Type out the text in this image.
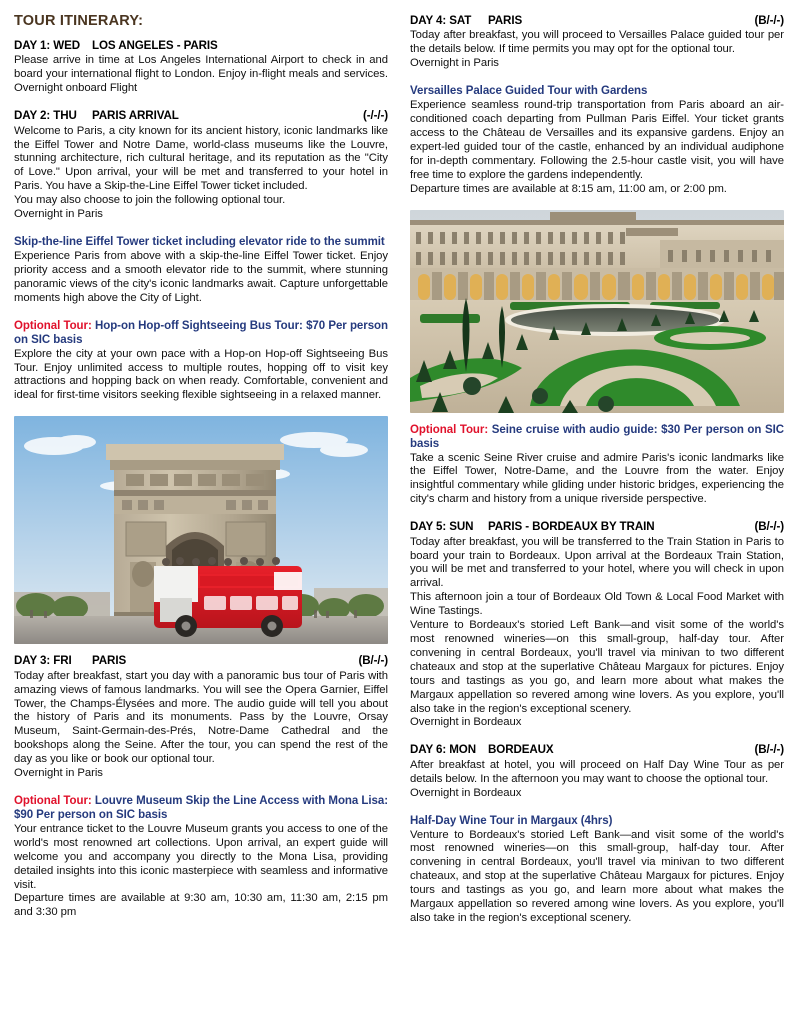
TOUR ITINERARY:
DAY 1: WED	LOS ANGELES - PARIS

Please arrive in time at Los Angeles International Airport to check in and board your international flight to London. Enjoy in-flight meals and services. Overnight onboard Flight

DAY 2: THU	PARIS ARRIVAL	(-/-/-)

Welcome to Paris, a city known for its ancient history, iconic landmarks like the Eiffel Tower and Notre Dame, world-class museums like the Louvre, stunning architecture, rich cultural heritage, and its reputation as the "City of Love." Upon arrival, your will be met and transferred to your hotel in Paris. You have a Skip-the-Line Eiffel Tower ticket included.

You may also choose to join the following optional tour.

Overnight in Paris

Skip-the-line Eiffel Tower ticket including elevator ride to the summit

Experience Paris from above with a skip-the-line Eiffel Tower ticket. Enjoy priority access and a smooth elevator ride to the summit, where stunning panoramic views of the city's iconic landmarks await. Capture unforgettable moments high above the City of Light.

Optional Tour: Hop-on Hop-off Sightseeing Bus Tour: $70 Per person on SIC basis

Explore the city at your own pace with a Hop-on Hop-off Sightseeing Bus Tour. Enjoy unlimited access to multiple routes, hopping off to visit key attractions and hopping back on when ready. Comfortable, convenient and ideal for first-time visitors seeking flexible sightseeing in a relaxed manner.

DAY 3: FRI	PARIS	(B/-/-)

Today after breakfast, start you day with a panoramic bus tour of Paris with amazing views of famous landmarks. You will see the Opera Garnier, Eiffel Tower, the Champs-Élysées and more. The audio guide will tell you about the history of Paris and its monuments. Pass by the Louvre, Orsay Museum, Saint-Germain-des-Prés, Notre-Dame Cathedral and the bookshops along the Seine. After the tour, you can spend the rest of the day as you like or book our optional tour.

Overnight in Paris

Optional Tour: Louvre Museum Skip the Line Access with Mona Lisa: $90 Per person on SIC basis

Your entrance ticket to the Louvre Museum grants you access to one of the world's most renowned art collections. Upon arrival, an expert guide will welcome you and accompany you directly to the Mona Lisa, providing detailed insights into this iconic masterpiece with seamless and informative visit.

Departure times are available at 9:30 am, 10:30 am, 11:30 am, 2:15 pm and 3:30 pm

DAY 4: SAT	PARIS	(B/-/-)

Today after breakfast, you will proceed to Versailles Palace guided tour per the details below. If time permits you may opt for the optional tour.

Overnight in Paris

Versailles Palace Guided Tour with Gardens

Experience seamless round-trip transportation from Paris aboard an air-conditioned coach departing from Pullman Paris Eiffel. Your ticket grants access to the Château de Versailles and its expansive gardens. Enjoy an expert-led guided tour of the castle, enhanced by an individual audiphone for in-depth commentary. Following the 2.5-hour castle visit, you will have free time to explore the gardens independently.

Departure times are available at 8:15 am, 11:00 am, or 2:00 pm.

Optional Tour: Seine cruise with audio guide: $30 Per person on SIC basis

Take a scenic Seine River cruise and admire Paris's iconic landmarks like the Eiffel Tower, Notre-Dame, and the Louvre from the water. Enjoy insightful commentary while gliding under historic bridges, experiencing the city's charm and history from a unique riverside perspective.

DAY 5: SUN	PARIS - BORDEAUX BY TRAIN	(B/-/-)

Today after breakfast, you will be transferred to the Train Station in Paris to board your train to Bordeaux. Upon arrival at the Bordeaux Train Station, you will be met and transferred to your hotel, where you will check in upon arrival.

This afternoon join a tour of Bordeaux Old Town & Local Food Market with Wine Tastings.

Venture to Bordeaux's storied Left Bank—and visit some of the world's most renowned wineries—on this small-group, half-day tour. After convening in central Bordeaux, you'll travel via minivan to two different chateaux and stop at the superlative Château Margaux for pictures. Enjoy tours and tastings as you go, and learn more about what makes the Margaux appellation so revered among wine lovers. As you explore, you'll also take in the region's exceptional scenery.

Overnight in Bordeaux

DAY 6: MON	BORDEAUX	(B/-/-)

After breakfast at hotel, you will proceed on Half Day Wine Tour as per details below. In the afternoon you may want to choose the optional tour.

Overnight in Bordeaux

Half-Day Wine Tour in Margaux (4hrs)

Venture to Bordeaux's storied Left Bank—and visit some of the world's most renowned wineries—on this small-group, half-day tour. After convening in central Bordeaux, you'll travel via minivan to two different chateaux, and stop at the superlative Château Margaux for pictures. Enjoy tours and tastings as you go, and learn more about what makes the Margaux appellation so revered among wine lovers. As you explore, you'll also take in the region's exceptional scenery.
